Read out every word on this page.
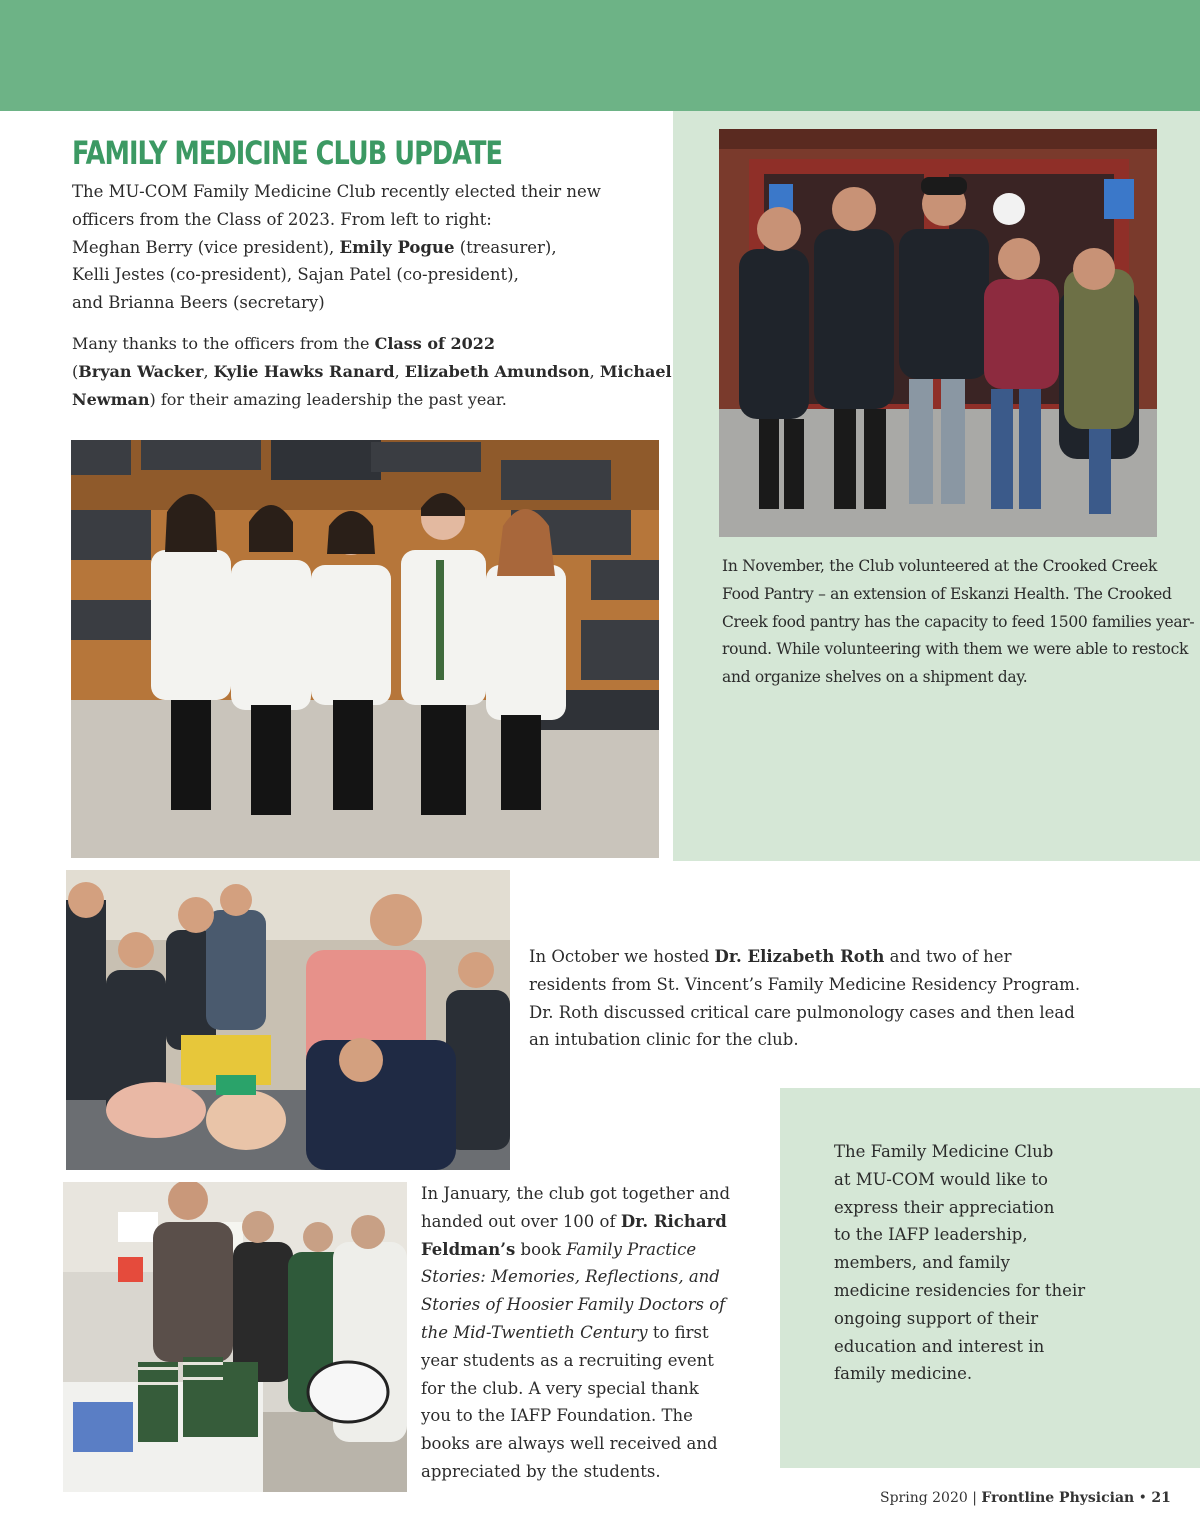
FAMILY MEDICINE CLUB UPDATE

The MU-COM Family Medicine Club recently elected their new

officers from the Class of 2023. From left to right:

Meghan Berry (vice president), Emily Pogue (treasurer),

Kelli Jestes (co-president), Sajan Patel (co-president),

and Brianna Beers (secretary)

Many thanks to the officers from the Class of 2022

(Bryan Wacker, Kylie Hawks Ranard, Elizabeth Amundson, Michael

Newman) for their amazing leadership the past year.

In November, the Club volunteered at the Crooked Creek

Food Pantry – an extension of Eskanzi Health. The Crooked

Creek food pantry has the capacity to feed 1500 families year-

round. While volunteering with them we were able to restock

and organize shelves on a shipment day.

In October we hosted Dr. Elizabeth Roth and two of her

residents from St. Vincent’s Family Medicine Residency Program.

Dr. Roth discussed critical care pulmonology cases and then lead

an intubation clinic for the club.

In January, the club got together and

handed out over 100 of Dr. Richard

Feldman’s book Family Practice

Stories: Memories, Reflections, and

Stories of Hoosier Family Doctors of

the Mid-Twentieth Century to first

year students as a recruiting event

for the club. A very special thank

you to the IAFP Foundation. The

books are always well received and

appreciated by the students.

The Family Medicine Club

at MU-COM would like to

express their appreciation

to the IAFP leadership,

members, and family

medicine residencies for their

ongoing support of their

education and interest in

family medicine.

Spring 2020 | Frontline Physician • 21
